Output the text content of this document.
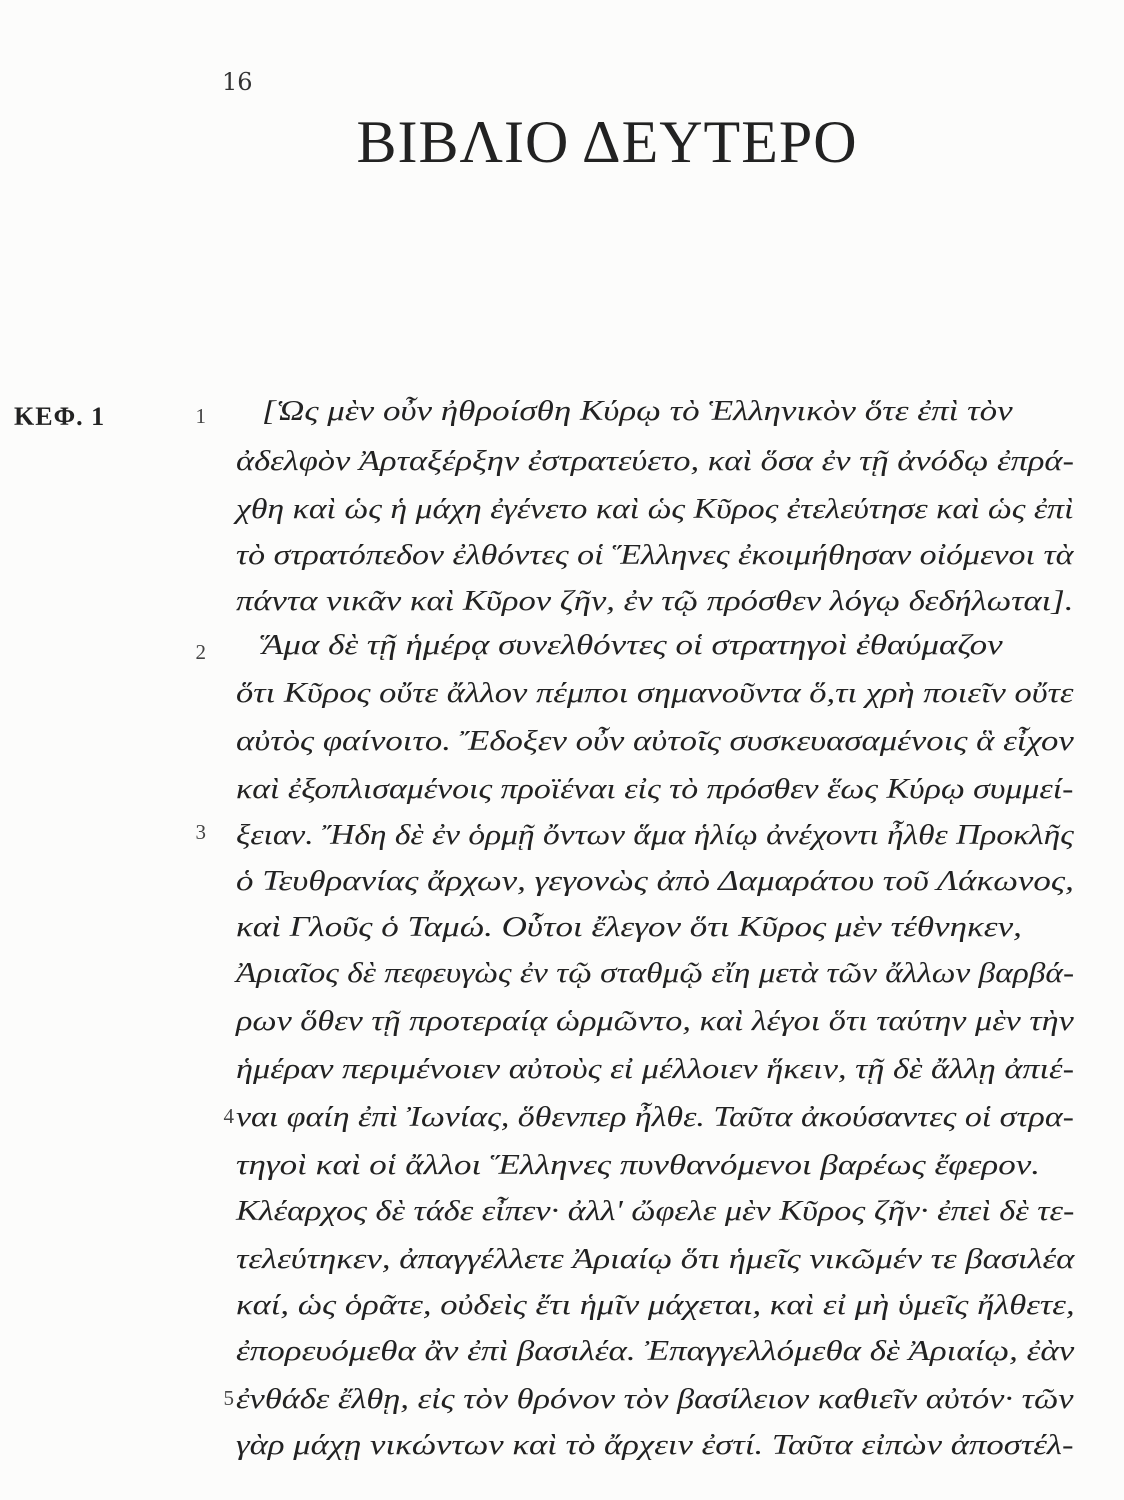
16
ΒΙΒΛΙΟ ΔΕΥΤΕΡΟ
ΚΕΦ. 1	1
2
3
4
5
[Ὡς μὲν οὖν ἠθροίσθη Κύρῳ τὸ Ἑλληνικὸν ὅτε ἐπὶ τὸν
ἀδελφὸν Ἀρταξέρξην ἐστρατεύετο, καὶ ὅσα ἐν τῇ ἀνόδῳ ἐπρά-
χθη καὶ ὡς ἡ μάχη ἐγένετο καὶ ὡς Κῦρος ἐτελεύτησε καὶ ὡς ἐπὶ
τὸ στρατόπεδον ἐλθόντες οἱ Ἕλληνες ἐκοιμήθησαν οἰόμενοι τὰ
πάντα νικᾶν καὶ Κῦρον ζῆν, ἐν τῷ πρόσθεν λόγῳ δεδήλωται].
Ἅμα δὲ τῇ ἡμέρᾳ συνελθόντες οἱ στρατηγοὶ ἐθαύμαζον
ὅτι Κῦρος οὔτε ἄλλον πέμποι σημανοῦντα ὅ,τι χρὴ ποιεῖν οὔτε
αὐτὸς φαίνοιτο. Ἔδοξεν οὖν αὐτοῖς συσκευασαμένοις ἃ εἶχον
καὶ ἐξοπλισαμένοις προϊέναι εἰς τὸ πρόσθεν ἕως Κύρῳ συμμεί-
ξειαν. Ἤδη δὲ ἐν ὁρμῇ ὄντων ἅμα ἡλίῳ ἀνέχοντι ἦλθε Προκλῆς
ὁ Τευθρανίας ἄρχων, γεγονὼς ἀπὸ Δαμαράτου τοῦ Λάκωνος,
καὶ Γλοῦς ὁ Ταμώ. Οὗτοι ἔλεγον ὅτι Κῦρος μὲν τέθνηκεν,
Ἀριαῖος δὲ πεφευγὼς ἐν τῷ σταθμῷ εἴη μετὰ τῶν ἄλλων βαρβά-
ρων ὅθεν τῇ προτεραίᾳ ὡρμῶντο, καὶ λέγοι ὅτι ταύτην μὲν τὴν
ἡμέραν περιμένοιεν αὐτοὺς εἰ μέλλοιεν ἥκειν, τῇ δὲ ἄλλῃ ἀπιέ-
ναι φαίη ἐπὶ Ἰωνίας, ὅθενπερ ἦλθε. Ταῦτα ἀκούσαντες οἱ στρα-
τηγοὶ καὶ οἱ ἄλλοι Ἕλληνες πυνθανόμενοι βαρέως ἔφερον.
Κλέαρχος δὲ τάδε εἶπεν· ἀλλ' ὤφελε μὲν Κῦρος ζῆν· ἐπεὶ δὲ τε-
τελεύτηκεν, ἀπαγγέλλετε Ἀριαίῳ ὅτι ἡμεῖς νικῶμέν τε βασιλέα
καί, ὡς ὁρᾶτε, οὐδεὶς ἔτι ἡμῖν μάχεται, καὶ εἰ μὴ ὑμεῖς ἤλθετε,
ἐπορευόμεθα ἂν ἐπὶ βασιλέα. Ἐπαγγελλόμεθα δὲ Ἀριαίῳ, ἐὰν
ἐνθάδε ἔλθῃ, εἰς τὸν θρόνον τὸν βασίλειον καθιεῖν αὐτόν· τῶν
γὰρ μάχῃ νικώντων καὶ τὸ ἄρχειν ἐστί. Ταῦτα εἰπὼν ἀποστέλ-
